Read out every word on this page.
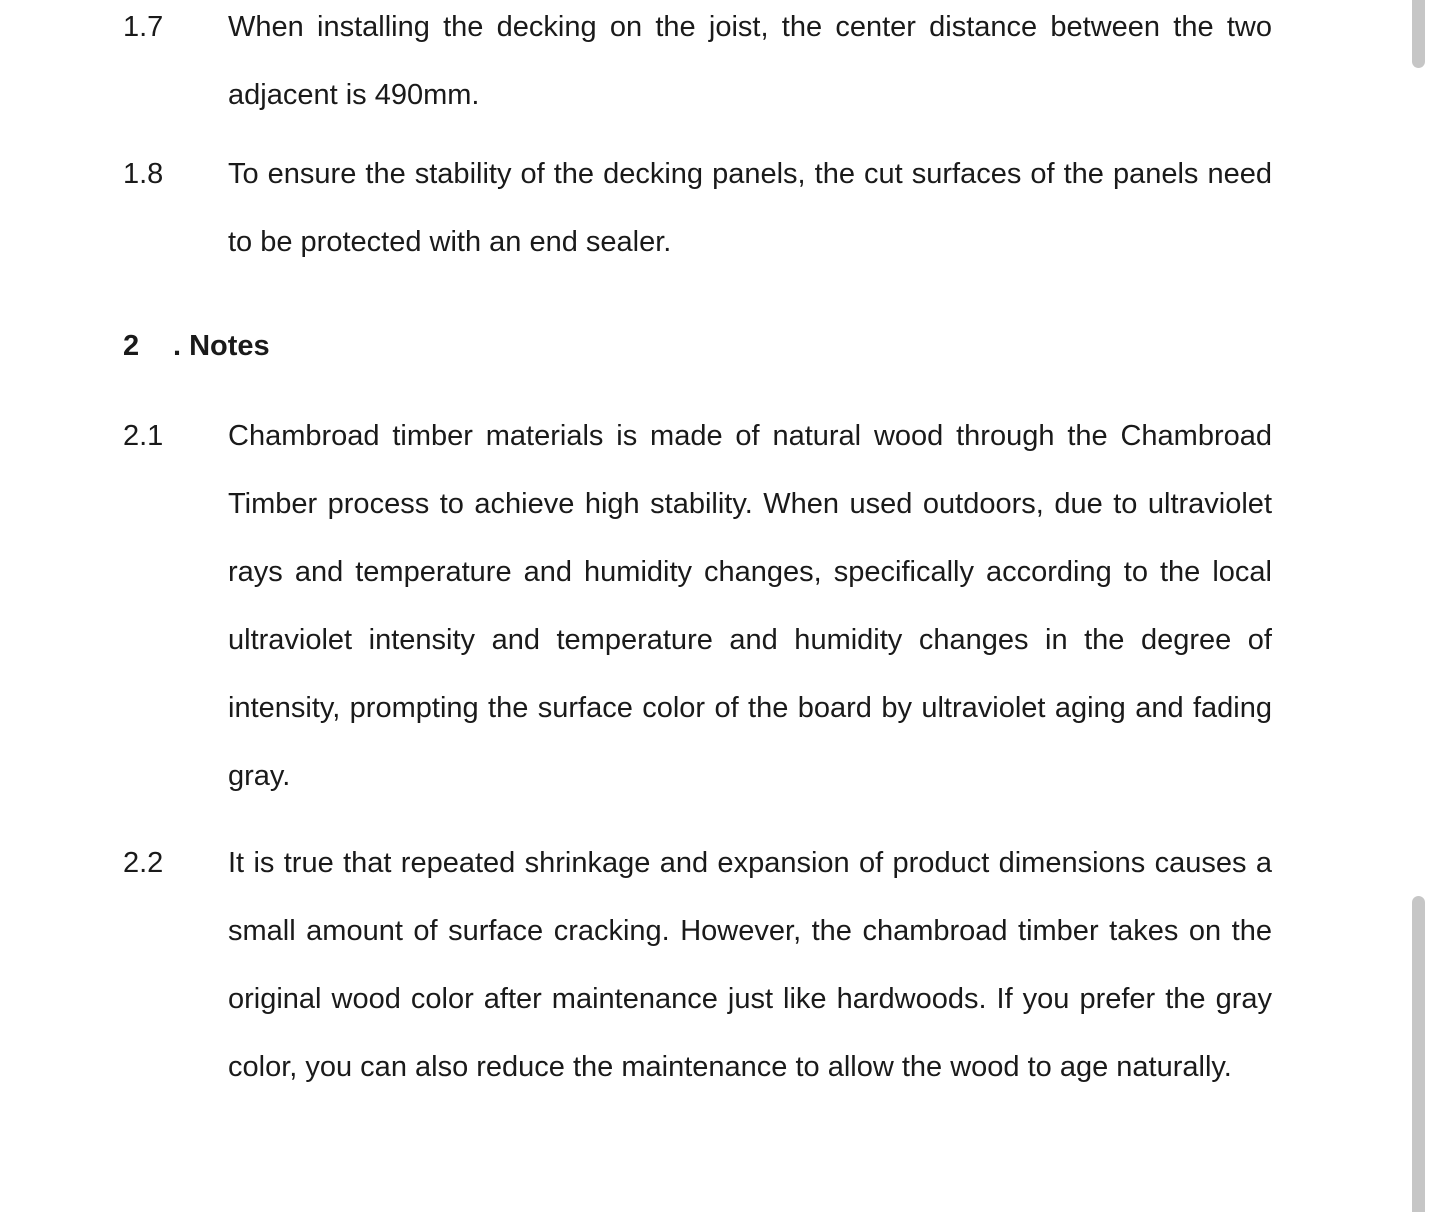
1.7 When installing the decking on the joist, the center distance between the two adjacent is 490mm.
1.8 To ensure the stability of the decking panels, the cut surfaces of the panels need to be protected with an end sealer.
2 . Notes
2.1 Chambroad timber materials is made of natural wood through the Chambroad Timber process to achieve high stability. When used outdoors, due to ultraviolet rays and temperature and humidity changes, specifically according to the local ultraviolet intensity and temperature and humidity changes in the degree of intensity, prompting the surface color of the board by ultraviolet aging and fading gray.
2.2 It is true that repeated shrinkage and expansion of product dimensions causes a small amount of surface cracking. However, the chambroad timber takes on the original wood color after maintenance just like hardwoods. If you prefer the gray color, you can also reduce the maintenance to allow the wood to age naturally.
